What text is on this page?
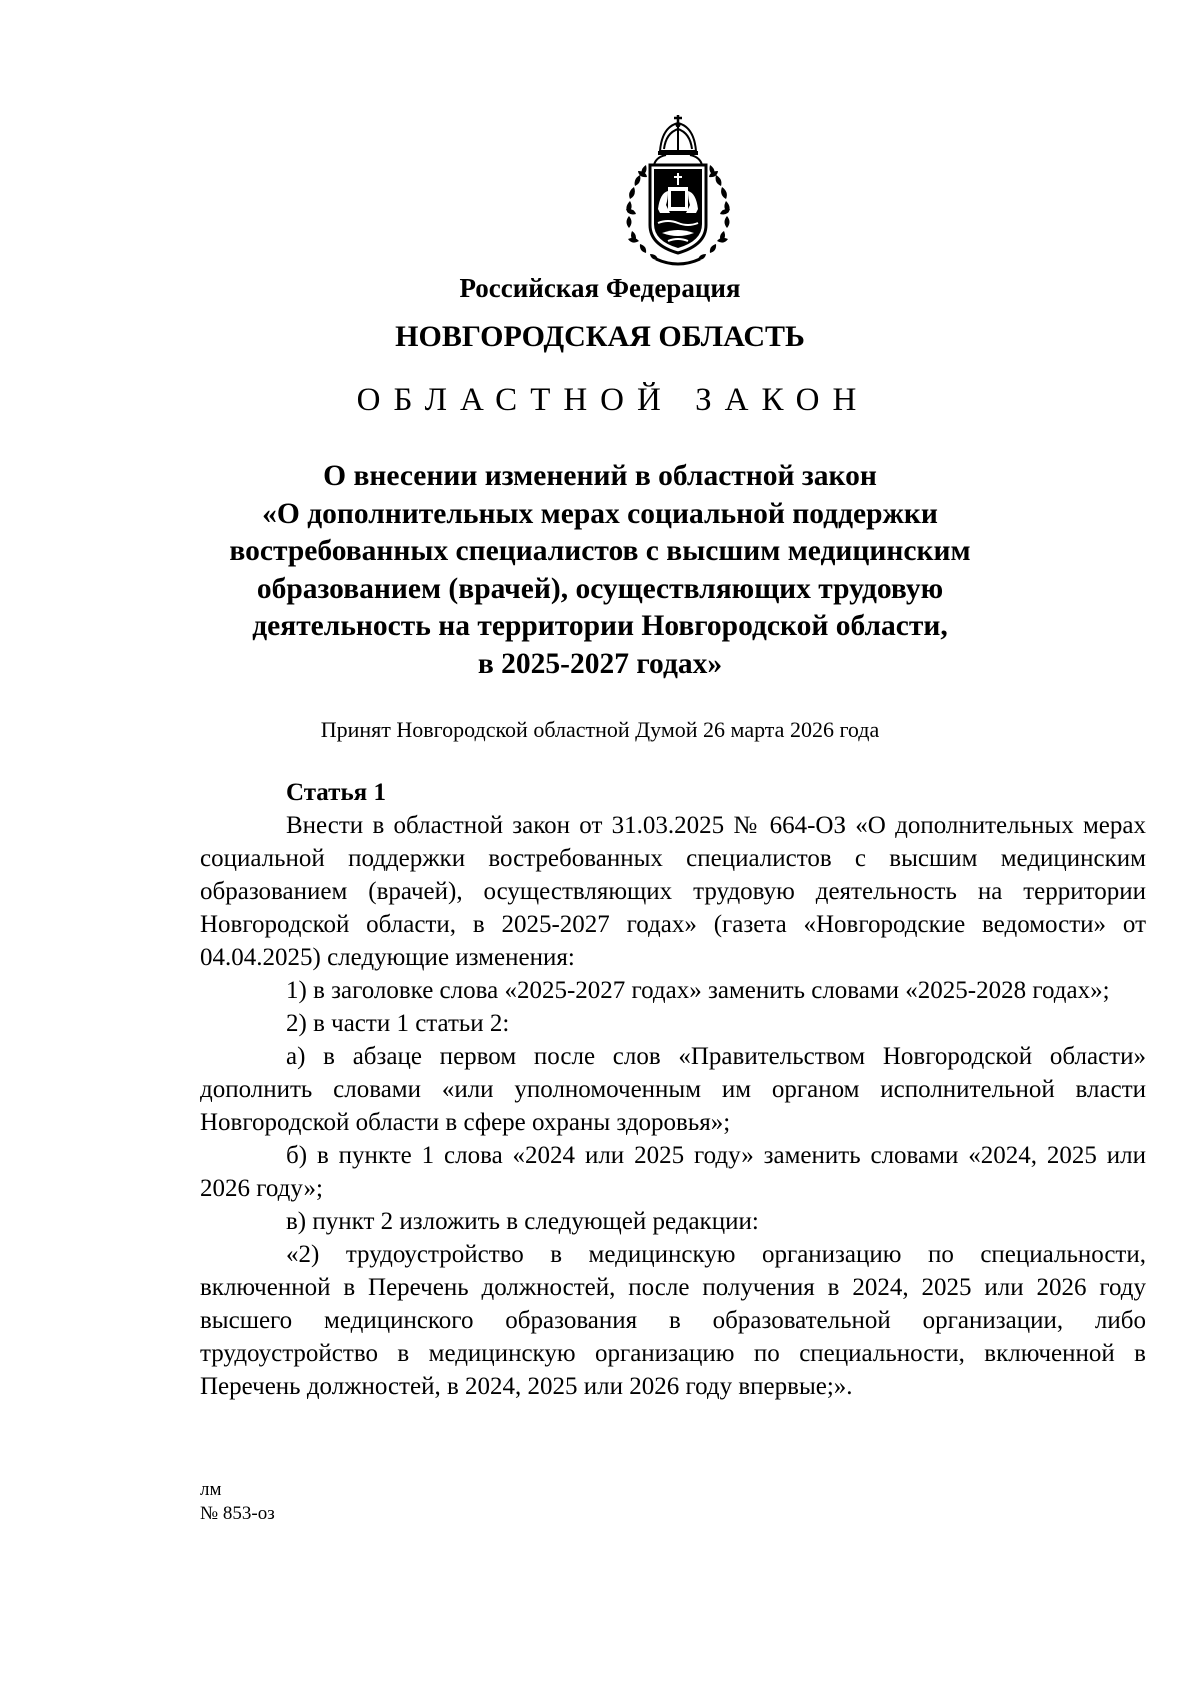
Российская Федерация
НОВГОРОДСКАЯ ОБЛАСТЬ
ОБЛАСТНОЙ ЗАКОН
О внесении изменений в областной закон
«О дополнительных мерах социальной поддержки
востребованных специалистов с высшим медицинским
образованием (врачей), осуществляющих трудовую
деятельность на территории Новгородской области,
в 2025-2027 годах»
Принят Новгородской областной Думой 26 марта 2026 года

Статья 1

Внести в областной закон от 31.03.2025 № 664-ОЗ «О дополнительных мерах социальной поддержки востребованных специалистов с высшим медицинским образованием (врачей), осуществляющих трудовую деятельность на территории Новгородской области, в 2025-2027 годах» (газета «Новгородские ведомости» от 04.04.2025) следующие изменения:

1) в заголовке слова «2025-2027 годах» заменить словами «2025-2028 годах»;

2) в части 1 статьи 2:

а) в абзаце первом после слов «Правительством Новгородской области» дополнить словами «или уполномоченным им органом исполнительной власти Новгородской области в сфере охраны здоровья»;

б) в пункте 1 слова «2024 или 2025 году» заменить словами «2024, 2025 или 2026 году»;

в) пункт 2 изложить в следующей редакции:

«2) трудоустройство в медицинскую организацию по специальности, включенной в Перечень должностей, после получения в 2024, 2025 или 2026 году высшего медицинского образования в образовательной организации, либо трудоустройство в медицинскую организацию по специальности, включенной в Перечень должностей, в 2024, 2025 или 2026 году впервые;».

лм
№ 853-оз
